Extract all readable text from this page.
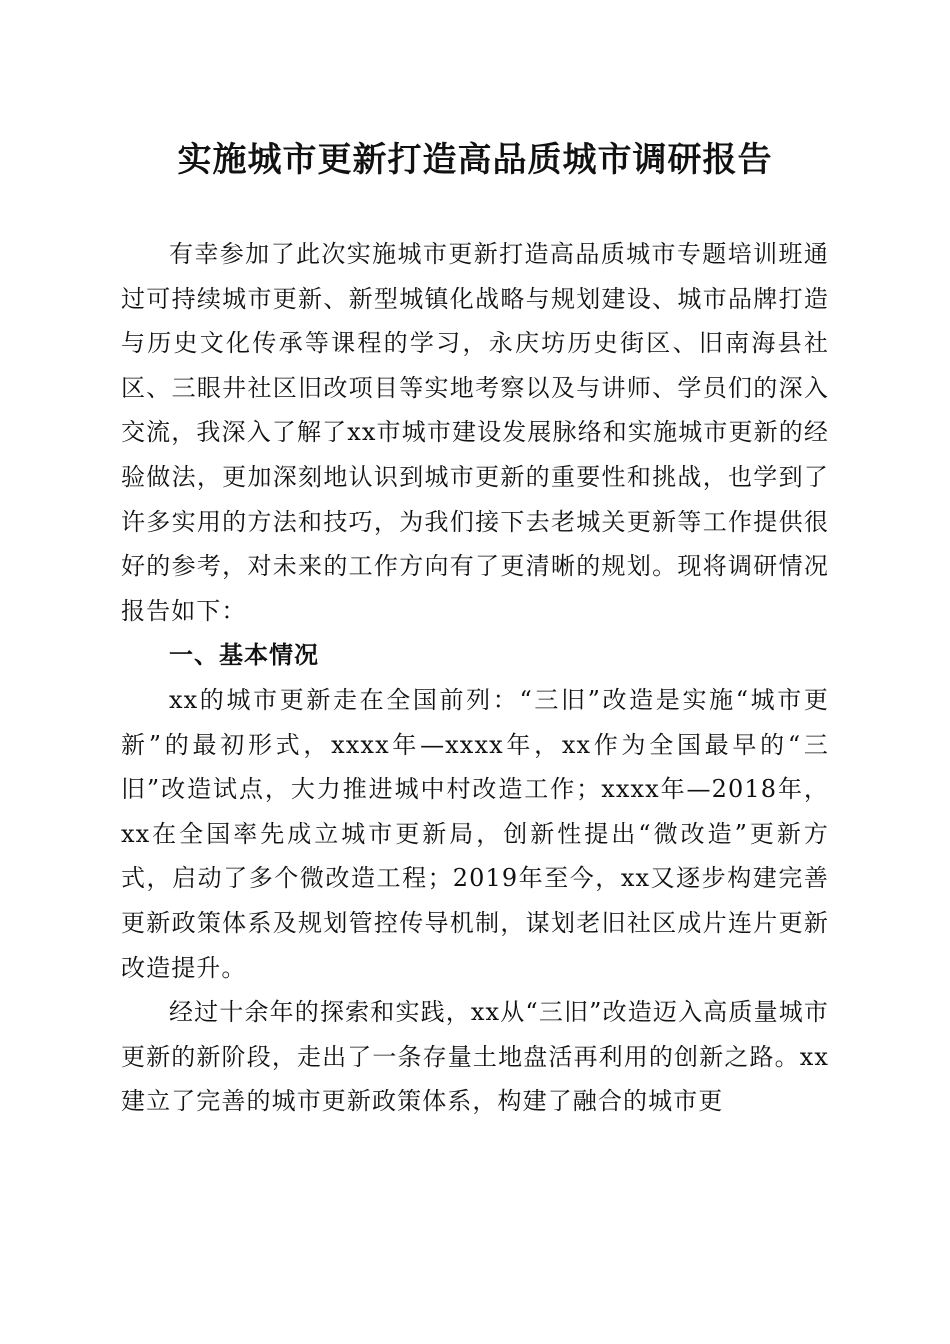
实施城市更新打造高品质城市调研报告

有幸参加了此次实施城市更新打造高品质城市专题培训班通过可持续城市更新、新型城镇化战略与规划建设、城市品牌打造与历史文化传承等课程的学习，永庆坊历史街区、旧南海县社区、三眼井社区旧改项目等实地考察以及与讲师、学员们的深入交流，我深入了解了xx市城市建设发展脉络和实施城市更新的经验做法，更加深刻地认识到城市更新的重要性和挑战，也学到了许多实用的方法和技巧，为我们接下去老城关更新等工作提供很好的参考，对未来的工作方向有了更清晰的规划。现将调研情况报告如下：

一、基本情况

xx的城市更新走在全国前列：“三旧”改造是实施“城市更新”的最初形式，xxxx年—xxxx年，xx作为全国最早的“三旧”改造试点，大力推进城中村改造工作；xxxx年—2018年，xx在全国率先成立城市更新局，创新性提出“微改造”更新方式，启动了多个微改造工程；2019年至今，xx又逐步构建完善更新政策体系及规划管控传导机制，谋划老旧社区成片连片更新改造提升。

经过十余年的探索和实践，xx从“三旧”改造迈入高质量城市更新的新阶段，走出了一条存量土地盘活再利用的创新之路。xx建立了完善的城市更新政策体系，构建了融合的城市更
